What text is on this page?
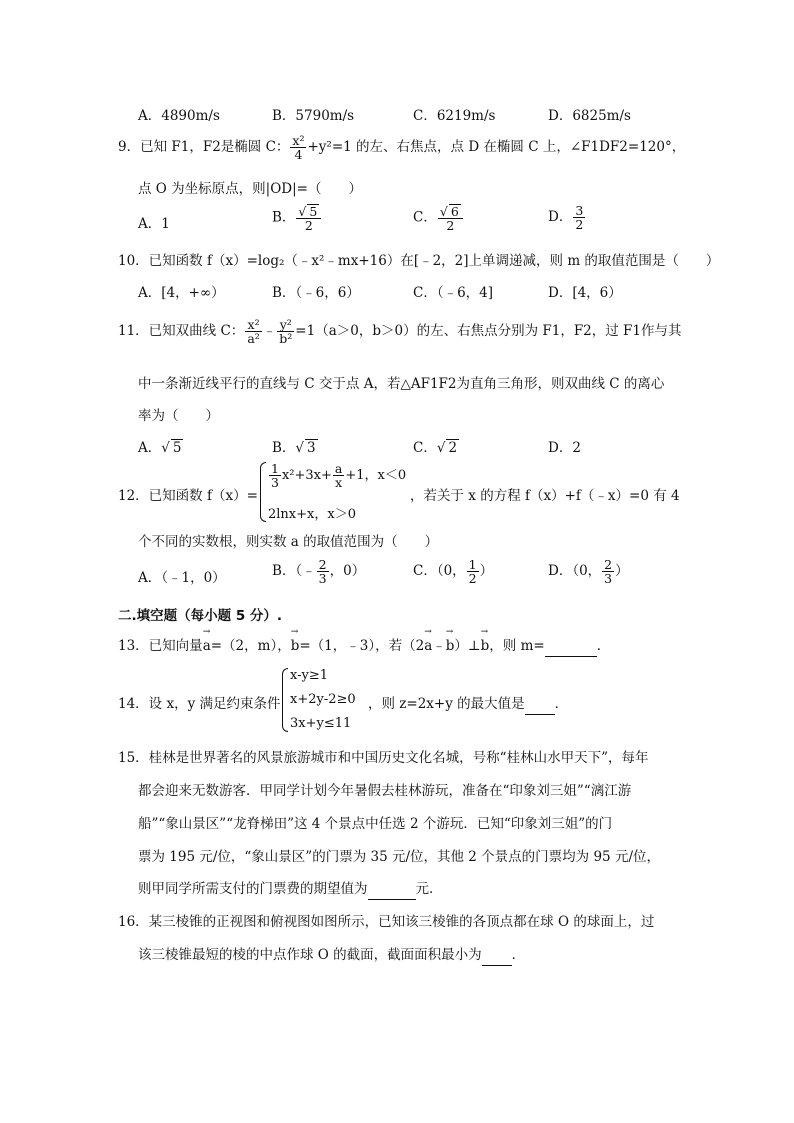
A．4890m/s	B．5790m/s	C．6219m/s	D．6825m/s
9．已知 F1，F2是椭圆 C： $\frac{\text{x²}}{4} +y^2=1$ 的左、右焦点，点 D 在椭圆 C 上，∠F1DF2=120°，
点 O 为坐标原点，则|OD|=（　　）
A．1	B． $\frac{√ 5}{2}$	C． $\frac{√ 6}{2}$	D． $\frac{3}{2}$
10．已知函数 f（x）=log₂（﹣x²﹣mx+16）在[﹣2，2]上单调递减，则 m 的取值范围是（　　）
A．[4，+∞）	B．（﹣6，6）	C．（﹣6，4]	D．[4，6）
11．已知双曲线 C： $\frac{\text{x²}}{\text{a²}}$ ﹣ $\frac{\text{y²}}{\text{b²}} =1(a>0$，b＞0）的左、右焦点分别为 F1，F2，过 F1作与其
中一条渐近线平行的直线与 C 交于点 A，若△AF1F2为直角三角形，则双曲线 C 的离心
率为（　　）
A．√ 5	B．√ 3	C．√ 2	D．2
12．已知函数 f（x）=
$\frac{1}{3} x^2+3x+ \frac{a}{x} +1$，x＜0
2lnx+x，x＞0
，若关于 x 的方程 f（x）+f（﹣x）=0 有 4
个不同的实数根，则实数 a 的取值范围为（　　）
A．（﹣1，0）	B．（﹣ $\frac{2}{3}$ ，0）	C．（0， $\frac{1}{2}$ ）	D．（0， $\frac{2}{3}$ ）
二.填空题（每小题 5 分）.
13．已知向量a →=（2，m），b →=（1，﹣3），若（2a →﹣b →）⊥b →，则 m=	．
14．设 x，y 满足约束条件
x-y≥1
x+2y-2≥0
3x+y≤11
，则 z=2x+y 的最大值是 ．
15．桂林是世界著名的风景旅游城市和中国历史文化名城，号称“桂林山水甲天下”，每年
都会迎来无数游客．甲同学计划今年暑假去桂林游玩，准备在“印象刘三姐”“漓江游
船”“象山景区”“龙脊梯田”这 4 个景点中任选 2 个游玩．已知“印象刘三姐”的门
票为 195 元/位，“象山景区”的门票为 35 元/位，其他 2 个景点的门票均为 95 元/位，
则甲同学所需支付的门票费的期望值为	元．
16．某三棱锥的正视图和俯视图如图所示，已知该三棱锥的各顶点都在球 O 的球面上，过
该三棱锥最短的棱的中点作球 O 的截面，截面面积最小为 ．
